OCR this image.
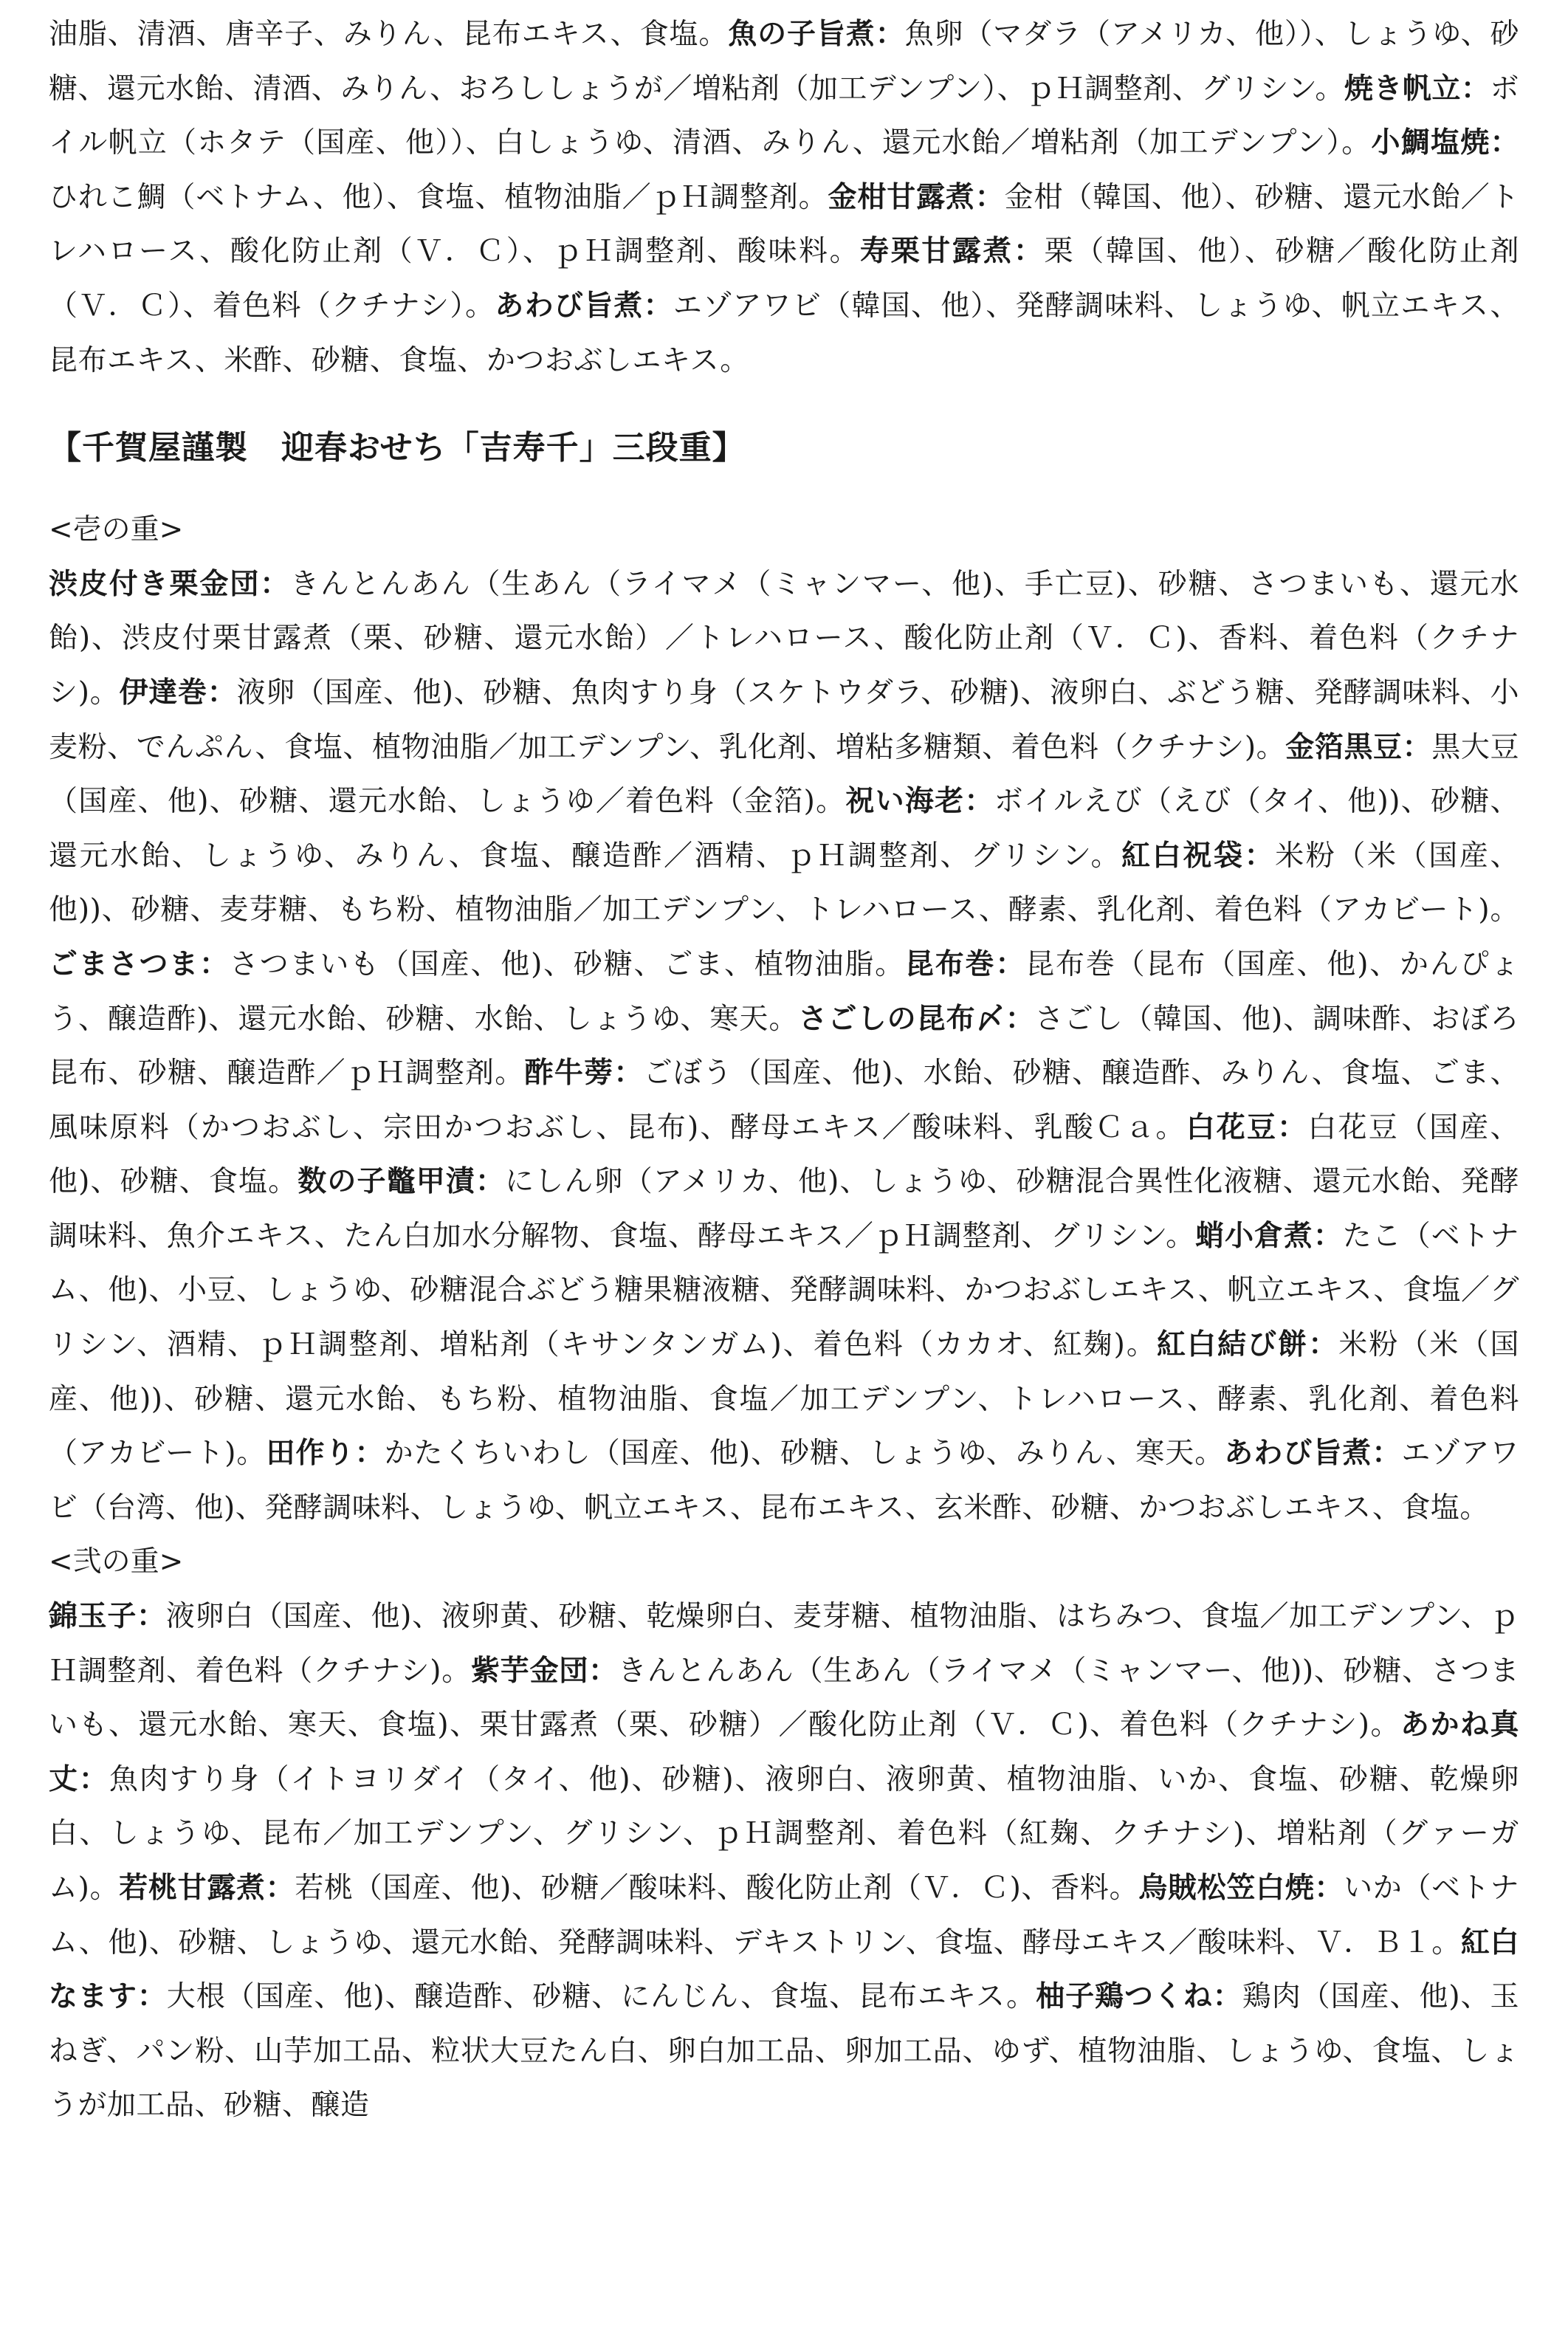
油脂、清酒、唐辛子、みりん、昆布エキス、食塩。魚の子旨煮：魚卵（マダラ（アメリカ、他））、しょうゆ、砂糖、還元水飴、清酒、みりん、おろししょうが／増粘剤（加工デンプン）、ｐＨ調整剤、グリシン。焼き帆立：ボイル帆立（ホタテ（国産、他））、白しょうゆ、清酒、みりん、還元水飴／増粘剤（加工デンプン）。小鯛塩焼：ひれこ鯛（ベトナム、他）、食塩、植物油脂／ｐＨ調整剤。金柑甘露煮：金柑（韓国、他）、砂糖、還元水飴／トレハロース、酸化防止剤（Ｖ．Ｃ）、ｐＨ調整剤、酸味料。寿栗甘露煮：栗（韓国、他）、砂糖／酸化防止剤（Ｖ．Ｃ）、着色料（クチナシ）。あわび旨煮：エゾアワビ（韓国、他）、発酵調味料、しょうゆ、帆立エキス、昆布エキス、米酢、砂糖、食塩、かつおぶしエキス。

【千賀屋謹製　迎春おせち「吉寿千」三段重】

<壱の重>

渋皮付き栗金団：きんとんあん（生あん（ライマメ（ミャンマー、他)、手亡豆)、砂糖、さつまいも、還元水飴)、渋皮付栗甘露煮（栗、砂糖、還元水飴）／トレハロース、酸化防止剤（Ｖ．Ｃ)、香料、着色料（クチナシ)。伊達巻：液卵（国産、他)、砂糖、魚肉すり身（スケトウダラ、砂糖)、液卵白、ぶどう糖、発酵調味料、小麦粉、でんぷん、食塩、植物油脂／加工デンプン、乳化剤、増粘多糖類、着色料（クチナシ)。金箔黒豆：黒大豆（国産、他)、砂糖、還元水飴、しょうゆ／着色料（金箔)。祝い海老：ボイルえび（えび（タイ、他))、砂糖、還元水飴、しょうゆ、みりん、食塩、醸造酢／酒精、ｐＨ調整剤、グリシン。紅白祝袋：米粉（米（国産、他))、砂糖、麦芽糖、もち粉、植物油脂／加工デンプン、トレハロース、酵素、乳化剤、着色料（アカビート)。ごまさつま：さつまいも（国産、他)、砂糖、ごま、植物油脂。昆布巻：昆布巻（昆布（国産、他)、かんぴょう、醸造酢)、還元水飴、砂糖、水飴、しょうゆ、寒天。さごしの昆布〆：さごし（韓国、他)、調味酢、おぼろ昆布、砂糖、醸造酢／ｐＨ調整剤。酢牛蒡：ごぼう（国産、他)、水飴、砂糖、醸造酢、みりん、食塩、ごま、風味原料（かつおぶし、宗田かつおぶし、昆布)、酵母エキス／酸味料、乳酸Ｃａ。白花豆：白花豆（国産、他)、砂糖、食塩。数の子鼈甲漬：にしん卵（アメリカ、他)、しょうゆ、砂糖混合異性化液糖、還元水飴、発酵調味料、魚介エキス、たん白加水分解物、食塩、酵母エキス／ｐＨ調整剤、グリシン。蛸小倉煮：たこ（ベトナム、他)、小豆、しょうゆ、砂糖混合ぶどう糖果糖液糖、発酵調味料、かつおぶしエキス、帆立エキス、食塩／グリシン、酒精、ｐＨ調整剤、増粘剤（キサンタンガム)、着色料（カカオ、紅麹)。紅白結び餅：米粉（米（国産、他))、砂糖、還元水飴、もち粉、植物油脂、食塩／加工デンプン、トレハロース、酵素、乳化剤、着色料（アカビート)。田作り：かたくちいわし（国産、他)、砂糖、しょうゆ、みりん、寒天。あわび旨煮：エゾアワビ（台湾、他)、発酵調味料、しょうゆ、帆立エキス、昆布エキス、玄米酢、砂糖、かつおぶしエキス、食塩。

<弐の重>

錦玉子：液卵白（国産、他)、液卵黄、砂糖、乾燥卵白、麦芽糖、植物油脂、はちみつ、食塩／加工デンプン、ｐＨ調整剤、着色料（クチナシ)。紫芋金団：きんとんあん（生あん（ライマメ（ミャンマー、他))、砂糖、さつまいも、還元水飴、寒天、食塩)、栗甘露煮（栗、砂糖）／酸化防止剤（Ｖ．Ｃ)、着色料（クチナシ)。あかね真丈：魚肉すり身（イトヨリダイ（タイ、他)、砂糖)、液卵白、液卵黄、植物油脂、いか、食塩、砂糖、乾燥卵白、しょうゆ、昆布／加工デンプン、グリシン、ｐＨ調整剤、着色料（紅麹、クチナシ)、増粘剤（グァーガム)。若桃甘露煮：若桃（国産、他)、砂糖／酸味料、酸化防止剤（Ｖ．Ｃ)、香料。烏賊松笠白焼：いか（ベトナム、他)、砂糖、しょうゆ、還元水飴、発酵調味料、デキストリン、食塩、酵母エキス／酸味料、Ｖ．Ｂ１。紅白なます：大根（国産、他)、醸造酢、砂糖、にんじん、食塩、昆布エキス。柚子鶏つくね：鶏肉（国産、他)、玉ねぎ、パン粉、山芋加工品、粒状大豆たん白、卵白加工品、卵加工品、ゆず、植物油脂、しょうゆ、食塩、しょうが加工品、砂糖、醸造
